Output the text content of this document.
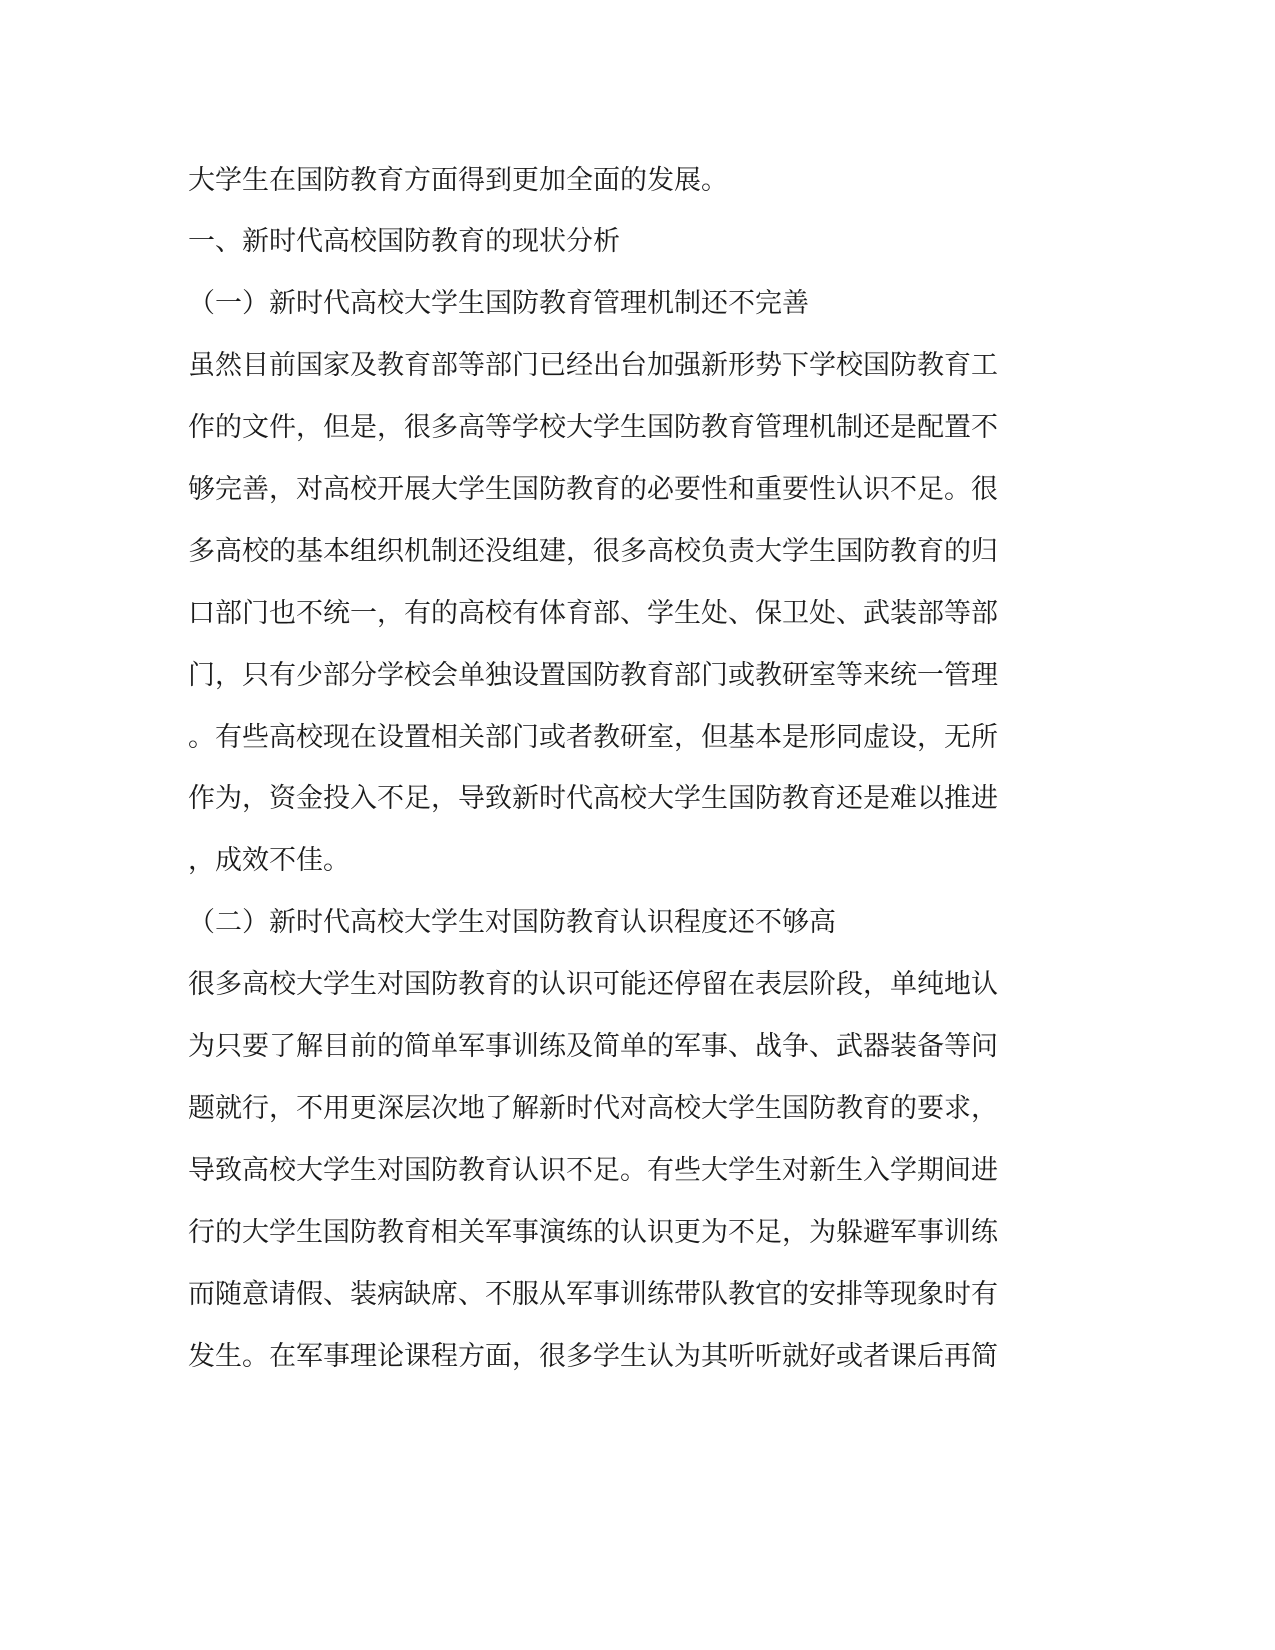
大学生在国防教育方面得到更加全面的发展。
一、新时代高校国防教育的现状分析
（一）新时代高校大学生国防教育管理机制还不完善
虽然目前国家及教育部等部门已经出台加强新形势下学校国防教育工
作的文件，但是，很多高等学校大学生国防教育管理机制还是配置不
够完善，对高校开展大学生国防教育的必要性和重要性认识不足。很
多高校的基本组织机制还没组建，很多高校负责大学生国防教育的归
口部门也不统一，有的高校有体育部、学生处、保卫处、武装部等部
门，只有少部分学校会单独设置国防教育部门或教研室等来统一管理
。有些高校现在设置相关部门或者教研室，但基本是形同虚设，无所
作为，资金投入不足，导致新时代高校大学生国防教育还是难以推进
，成效不佳。
（二）新时代高校大学生对国防教育认识程度还不够高
很多高校大学生对国防教育的认识可能还停留在表层阶段，单纯地认
为只要了解目前的简单军事训练及简单的军事、战争、武器装备等问
题就行，不用更深层次地了解新时代对高校大学生国防教育的要求，
导致高校大学生对国防教育认识不足。有些大学生对新生入学期间进
行的大学生国防教育相关军事演练的认识更为不足，为躲避军事训练
而随意请假、装病缺席、不服从军事训练带队教官的安排等现象时有
发生。在军事理论课程方面，很多学生认为其听听就好或者课后再简
